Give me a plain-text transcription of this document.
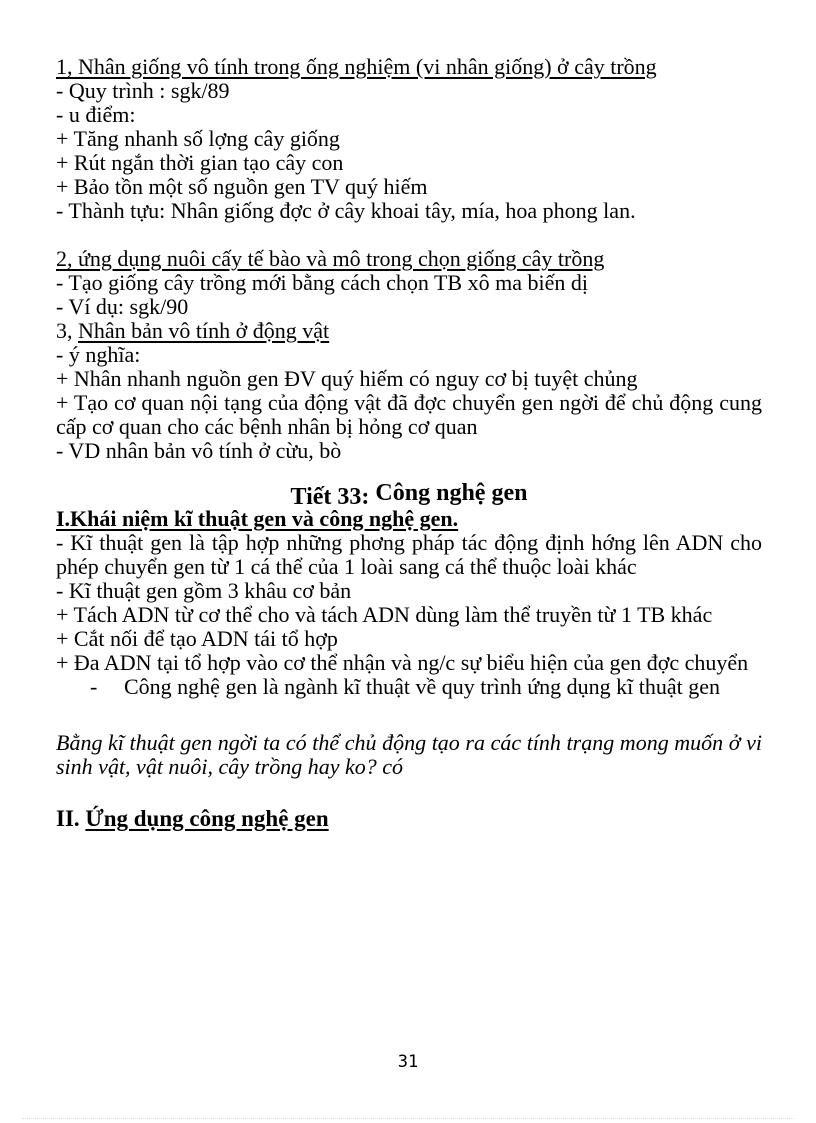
1, Nhân giống vô tính trong ống nghiệm (vi nhân giống) ở cây trồng
- Quy trình : sgk/89
- u điểm:
+ Tăng nhanh số lợng cây giống
+ Rút ngắn thời gian tạo cây con
+ Bảo tồn một số nguồn gen TV quý hiếm
- Thành tựu: Nhân giống đợc ở cây khoai tây, mía, hoa phong lan.
2, ứng dụng nuôi cấy tế bào và mô trong chọn giống cây trồng
- Tạo giống cây trồng mới bằng cách chọn TB xô ma biến dị
- Ví dụ: sgk/90
3, Nhân bản vô tính ở động vật
- ý nghĩa:
+ Nhân nhanh nguồn gen ĐV quý hiếm có nguy cơ bị tuyệt chủng
+ Tạo cơ quan nội tạng của động vật đã đợc chuyển gen ngời để chủ động cung cấp cơ quan cho các bệnh nhân bị hỏng cơ quan
- VD nhân bản vô tính ở cừu, bò
Tiết 33: Công nghệ gen
I.Khái niệm kĩ thuật gen và công nghệ gen.
- Kĩ thuật gen là tập hợp những phơng pháp tác động định hớng lên ADN cho phép chuyển gen từ 1 cá thể của 1 loài sang cá thể thuộc loài khác
- Kĩ thuật gen gồm 3 khâu cơ bản
+ Tách ADN từ cơ thể cho và tách ADN dùng làm thể truyền từ 1 TB khác
+ Cắt nối để tạo ADN tái tổ hợp
+ Đa ADN tại tổ hợp vào cơ thể nhận và ng/c sự biểu hiện của gen đợc chuyển
-	Công nghệ gen là ngành kĩ thuật về quy trình ứng dụng kĩ thuật gen
Bằng kĩ thuật gen ngời ta có thể chủ động tạo ra các tính trạng mong muốn ở vi sinh vật, vật nuôi, cây trồng hay ko? có
II. Ứng dụng công nghệ gen
31
